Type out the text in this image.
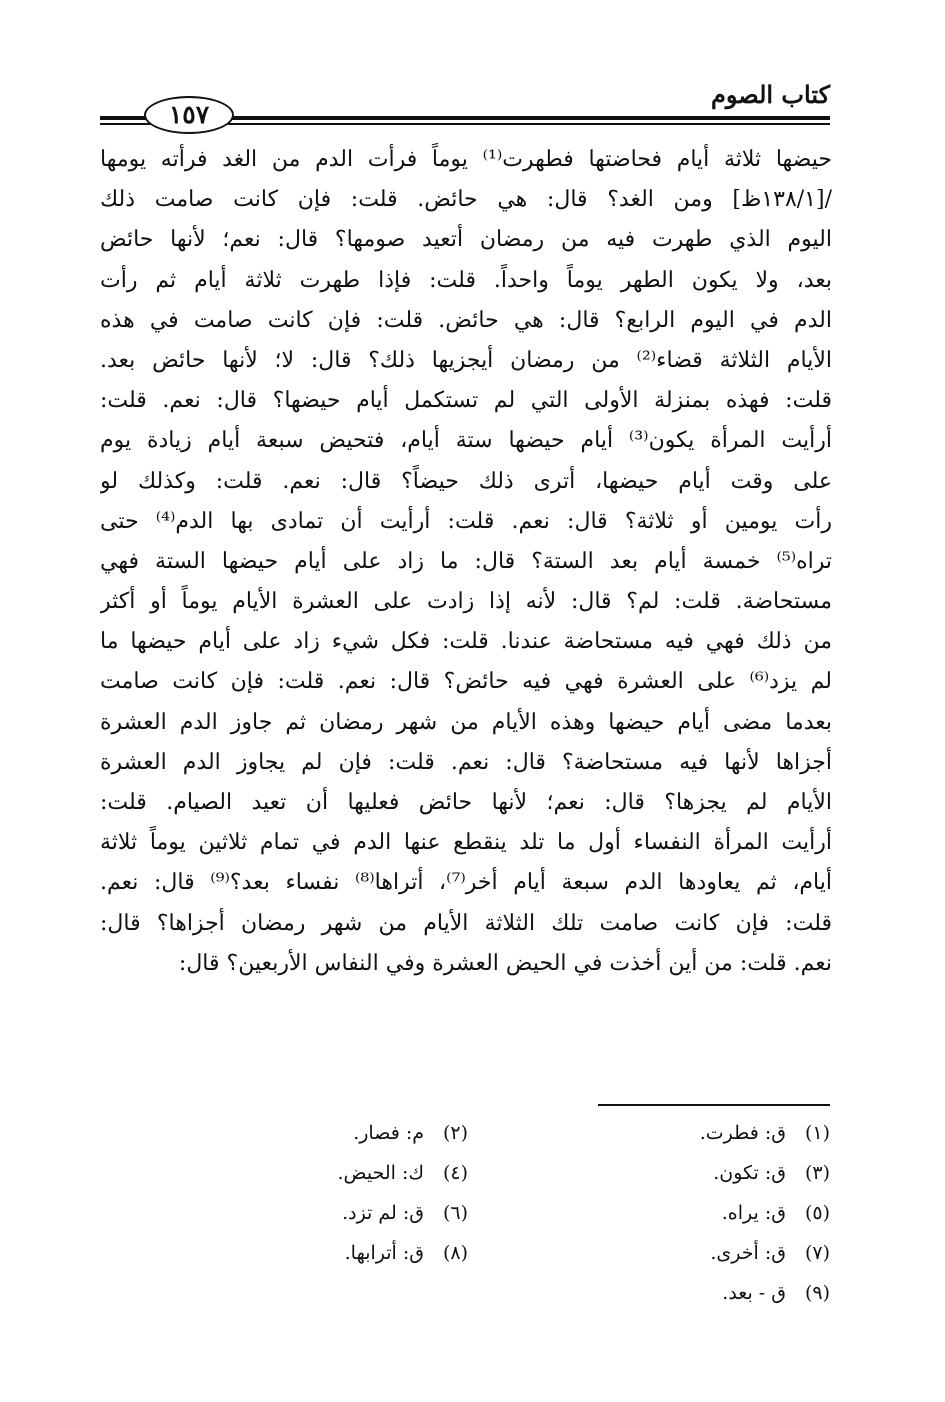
كتاب الصوم
١٥٧
حيضها ثلاثة أيام فحاضتها فطهرت⁽¹⁾ يوماً فرأت الدم من الغد فرأته يومها
/[١٣٨/١ظ] ومن الغد؟ قال: هي حائض. قلت: فإن كانت صامت ذلك
اليوم الذي طهرت فيه من رمضان أتعيد صومها؟ قال: نعم؛ لأنها حائض
بعد، ولا يكون الطهر يوماً واحداً. قلت: فإذا طهرت ثلاثة أيام ثم رأت
الدم في اليوم الرابع؟ قال: هي حائض. قلت: فإن كانت صامت في هذه
الأيام الثلاثة قضاء⁽²⁾ من رمضان أيجزيها ذلك؟ قال: لا؛ لأنها حائض بعد.
قلت: فهذه بمنزلة الأولى التي لم تستكمل أيام حيضها؟ قال: نعم. قلت:
أرأيت المرأة يكون⁽³⁾ أيام حيضها ستة أيام، فتحيض سبعة أيام زيادة يوم
على وقت أيام حيضها، أترى ذلك حيضاً؟ قال: نعم. قلت: وكذلك لو
رأت يومين أو ثلاثة؟ قال: نعم. قلت: أرأيت أن تمادى بها الدم⁽⁴⁾ حتى
تراه⁽⁵⁾ خمسة أيام بعد الستة؟ قال: ما زاد على أيام حيضها الستة فهي
مستحاضة. قلت: لم؟ قال: لأنه إذا زادت على العشرة الأيام يوماً أو أكثر
من ذلك فهي فيه مستحاضة عندنا. قلت: فكل شيء زاد على أيام حيضها ما
لم يزد⁽⁶⁾ على العشرة فهي فيه حائض؟ قال: نعم. قلت: فإن كانت صامت
بعدما مضى أيام حيضها وهذه الأيام من شهر رمضان ثم جاوز الدم العشرة
أجزاها لأنها فيه مستحاضة؟ قال: نعم. قلت: فإن لم يجاوز الدم العشرة
الأيام لم يجزها؟ قال: نعم؛ لأنها حائض فعليها أن تعيد الصيام. قلت:
أرأيت المرأة النفساء أول ما تلد ينقطع عنها الدم في تمام ثلاثين يوماً ثلاثة
أيام، ثم يعاودها الدم سبعة أيام أخر⁽⁷⁾، أتراها⁽⁸⁾ نفساء بعد؟⁽⁹⁾ قال: نعم.
قلت: فإن كانت صامت تلك الثلاثة الأيام من شهر رمضان أجزاها؟ قال:
نعم. قلت: من أين أخذت في الحيض العشرة وفي النفاس الأربعين؟ قال:
(١)ق: فطرت.
(٢)م: فصار.
(٣)ق: تكون.
(٤)ك: الحيض.
(٥)ق: يراه.
(٦)ق: لم تزد.
(٧)ق: أخرى.
(٨)ق: أترابها.
(٩)ق - بعد.
